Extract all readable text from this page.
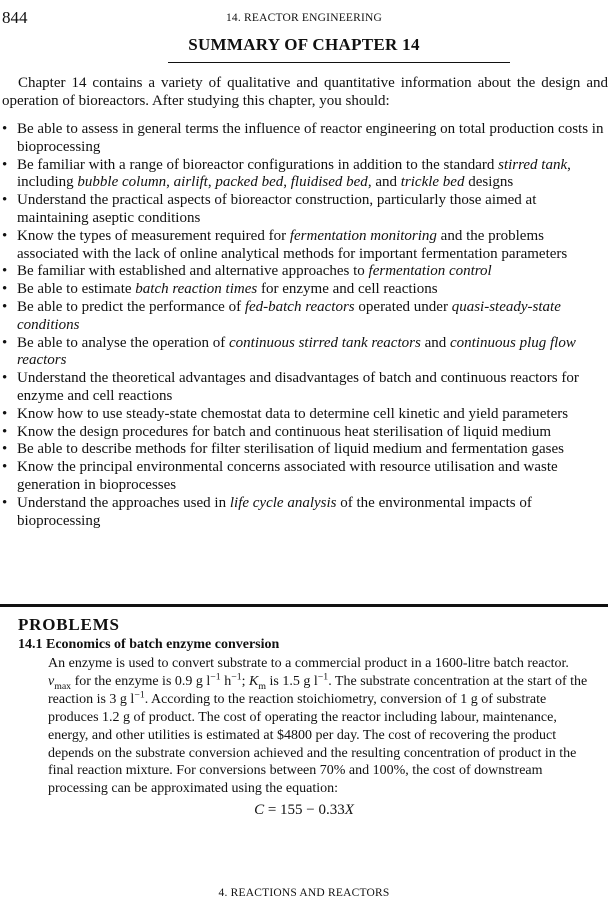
844	14. REACTOR ENGINEERING
SUMMARY OF CHAPTER 14

Chapter 14 contains a variety of qualitative and quantitative information about the design and operation of bioreactors. After studying this chapter, you should:

• Be able to assess in general terms the influence of reactor engineering on total production costs in bioprocessing
• Be familiar with a range of bioreactor configurations in addition to the standard stirred tank, including bubble column, airlift, packed bed, fluidised bed, and trickle bed designs
• Understand the practical aspects of bioreactor construction, particularly those aimed at maintaining aseptic conditions
• Know the types of measurement required for fermentation monitoring and the problems associated with the lack of online analytical methods for important fermentation parameters
• Be familiar with established and alternative approaches to fermentation control
• Be able to estimate batch reaction times for enzyme and cell reactions
• Be able to predict the performance of fed-batch reactors operated under quasi-steady-state conditions
• Be able to analyse the operation of continuous stirred tank reactors and continuous plug flow reactors
• Understand the theoretical advantages and disadvantages of batch and continuous reactors for enzyme and cell reactions
• Know how to use steady-state chemostat data to determine cell kinetic and yield parameters
• Know the design procedures for batch and continuous heat sterilisation of liquid medium
• Be able to describe methods for filter sterilisation of liquid medium and fermentation gases
• Know the principal environmental concerns associated with resource utilisation and waste generation in bioprocesses
• Understand the approaches used in life cycle analysis of the environmental impacts of bioprocessing
PROBLEMS
14.1 Economics of batch enzyme conversion

An enzyme is used to convert substrate to a commercial product in a 1600-litre batch reactor. $v_{max}$ for the enzyme is 0.9 g $l^{-1}$ $h^{-1}$; $K_m$ is 1.5 g $l^{-1}$. The substrate concentration at the start of the reaction is 3 g $l^{-1}$. According to the reaction stoichiometry, conversion of 1 g of substrate produces 1.2 g of product. The cost of operating the reactor including labour, maintenance, energy, and other utilities is estimated at $4800 per day. The cost of recovering the product depends on the substrate conversion achieved and the resulting concentration of product in the final reaction mixture. For conversions between 70% and 100%, the cost of downstream processing can be approximated using the equation:

C = 155 − 0.33X
4. REACTIONS AND REACTORS
